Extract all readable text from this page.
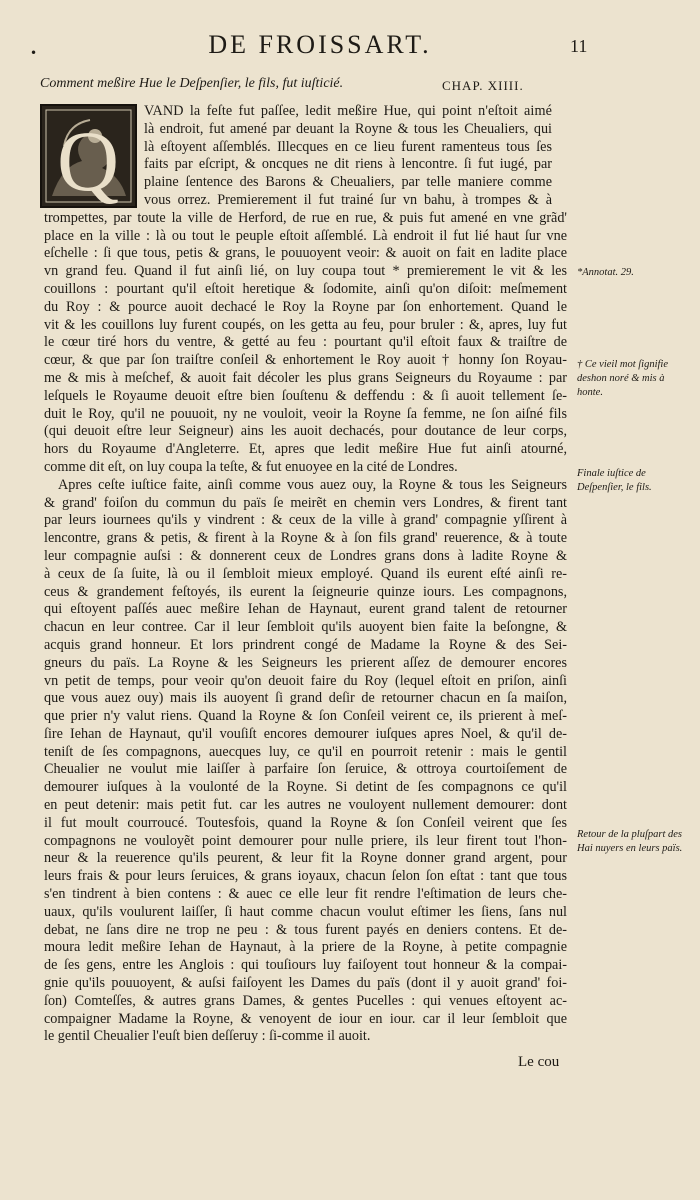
•	DE FROISSART.	11
Comment meßire Hue le Deſpenſier, le fils, fut iuſticié.	CHAP. XIIII.
Q
VAND la feſte fut paſſee, ledit meßire Hue, qui point n'eſtoit aimé
là endroit, fut amené par deuant la Royne & tous les Cheualiers, qui
là eſtoyent aſſemblés. Illecques en ce lieu furent ramenteus tous ſes
faits par eſcript, & oncques ne dit riens à lencontre. ſi fut iugé, par
plaine ſentence des Barons & Cheualiers, par telle maniere comme
vous orrez. Premierement il fut trainé ſur vn bahu, à trompes & à
trompettes, par toute la ville de Herford, de rue en rue, & puis fut amené en vne grãd'
place en la ville : là ou tout le peuple eſtoit aſſemblé. Là endroit il fut lié haut ſur vne
eſchelle : ſi que tous, petis & grans, le pouuoyent veoir: & auoit on fait en ladite place
vn grand feu. Quand il fut ainſi lié, on luy coupa tout * premierement le vit & les
couillons : pourtant qu'il eſtoit heretique & ſodomite, ainſi qu'on diſoit: meſmement
du Roy : & pource auoit dechacé le Roy la Royne par ſon enhortement. Quand le
vit & les couillons luy furent coupés, on les getta au feu, pour bruler : &, apres, luy fut
le cœur tiré hors du ventre, & getté au feu : pourtant qu'il eſtoit faux & traiſtre de
cœur, & que par ſon traiſtre conſeil & enhortement le Roy auoit † honny ſon Royau-
me & mis à meſchef, & auoit fait décoler les plus grans Seigneurs du Royaume : par
leſquels le Royaume deuoit eſtre bien ſouſtenu & deffendu : & ſi auoit tellement ſe-
duit le Roy, qu'il ne pouuoit, ny ne vouloit, veoir la Royne ſa femme, ne ſon aiſné fils
(qui deuoit eſtre leur Seigneur) ains les auoit dechacés, pour doutance de leur corps,
hors du Royaume d'Angleterre. Et, apres que ledit meßire Hue fut ainſi atourné,
comme dit eſt, on luy coupa la teſte, & fut enuoyee en la cité de Londres.
Apres ceſte iuſtice faite, ainſi comme vous auez ouy, la Royne & tous les Seigneurs
& grand' foiſon du commun du païs ſe meirẽt en chemin vers Londres, & firent tant
par leurs iournees qu'ils y vindrent : & ceux de la ville à grand' compagnie yſſirent à
lencontre, grans & petis, & firent à la Royne & à ſon fils grand' reuerence, & à toute
leur compagnie auſsi : & donnerent ceux de Londres grans dons à ladite Royne &
à ceux de ſa ſuite, là ou il ſembloit mieux employé. Quand ils eurent eſté ainſi re-
ceus & grandement feſtoyés, ils eurent la ſeigneurie quinze iours. Les compagnons,
qui eſtoyent paſſés auec meßire Iehan de Haynaut, eurent grand talent de retourner
chacun en leur contree. Car il leur ſembloit qu'ils auoyent bien faite la beſongne, &
acquis grand honneur. Et lors prindrent congé de Madame la Royne & des Sei-
gneurs du païs. La Royne & les Seigneurs les prierent aſſez de demourer encores
vn petit de temps, pour veoir qu'on deuoit faire du Roy (lequel eſtoit en priſon, ainſi
que vous auez ouy) mais ils auoyent ſi grand deſir de retourner chacun en ſa maiſon,
que prier n'y valut riens. Quand la Royne & ſon Conſeil veirent ce, ils prierent à meſ-
ſire Iehan de Haynaut, qu'il vouſiſt encores demourer iuſques apres Noel, & qu'il de-
teniſt de ſes compagnons, auecques luy, ce qu'il en pourroit retenir : mais le gentil
Cheualier ne voulut mie laiſſer à parfaire ſon ſeruice, & ottroya courtoiſement de
demourer iuſques à la voulonté de la Royne. Si detint de ſes compagnons ce qu'il
en peut detenir: mais petit fut. car les autres ne vouloyent nullement demourer: dont
il fut moult courroucé. Toutesfois, quand la Royne & ſon Conſeil veirent que ſes
compagnons ne vouloyẽt point demourer pour nulle priere, ils leur firent tout l'hon-
neur & la reuerence qu'ils peurent, & leur fit la Royne donner grand argent, pour
leurs frais & pour leurs ſeruices, & grans ioyaux, chacun ſelon ſon eſtat : tant que tous
s'en tindrent à bien contens : & auec ce elle leur fit rendre l'eſtimation de leurs che-
uaux, qu'ils voulurent laiſſer, ſi haut comme chacun voulut eſtimer les ſiens, ſans nul
debat, ne ſans dire ne trop ne peu : & tous furent payés en deniers contens. Et de-
moura ledit meßire Iehan de Haynaut, à la priere de la Royne, à petite compagnie
de ſes gens, entre les Anglois : qui touſiours luy faiſoyent tout honneur & la compai-
gnie qu'ils pouuoyent, & auſsi faiſoyent les Dames du païs (dont il y auoit grand' foi-
ſon) Comteſſes, & autres grans Dames, & gentes Pucelles : qui venues eſtoyent ac-
compaigner Madame la Royne, & venoyent de iour en iour. car il leur ſembloit que
le gentil Cheualier l'euſt bien deſſeruy : ſi-comme il auoit.
*Annotat. 29.
† Ce vieil mot ſignifie deshon noré & mis à honte.
Finale iuſtice de Deſpenſier, le fils.
Retour de la pluſpart des Hai nuyers en leurs païs.
Le cou
